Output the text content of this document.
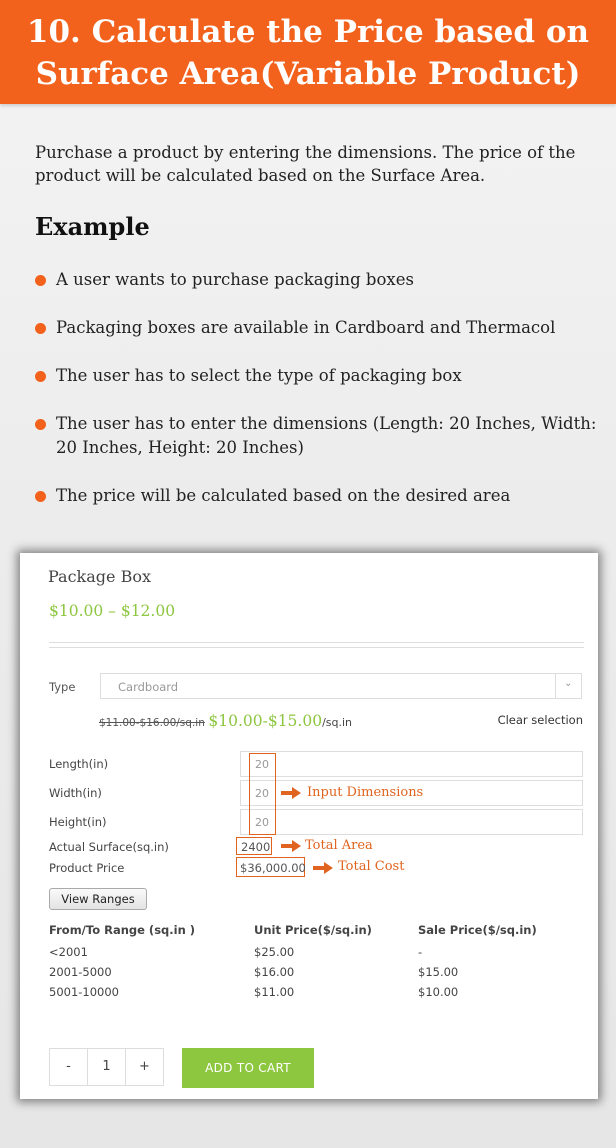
10. Calculate the Price based on
Surface Area(Variable Product)
Purchase a product by entering the dimensions. The price of the product will be calculated based on the Surface Area.
Example
A user wants to purchase packaging boxes
Packaging boxes are available in Cardboard and Thermacol
The user has to select the type of packaging box
The user has to enter the dimensions (Length: 20 Inches, Width: 20 Inches, Height: 20 Inches)
The price will be calculated based on the desired area
Package Box
$10.00 – $12.00
Type	Cardboard	⌄
$11.00-$16.00/sq.in $10.00-$15.00/sq.in	Clear selection
Length(in)	20
Width(in)	20
Height(in)	20
Input Dimensions
Actual Surface(sq.in)	2400	Total Area
Product Price	$36,000.00 Total Cost
View Ranges
From/To Range (sq.in )	Unit Price($/sq.in)	Sale Price($/sq.in)
<2001	$25.00	-
2001-5000	$16.00	$15.00
5001-10000	$11.00	$10.00
-	1	+	ADD TO CART
